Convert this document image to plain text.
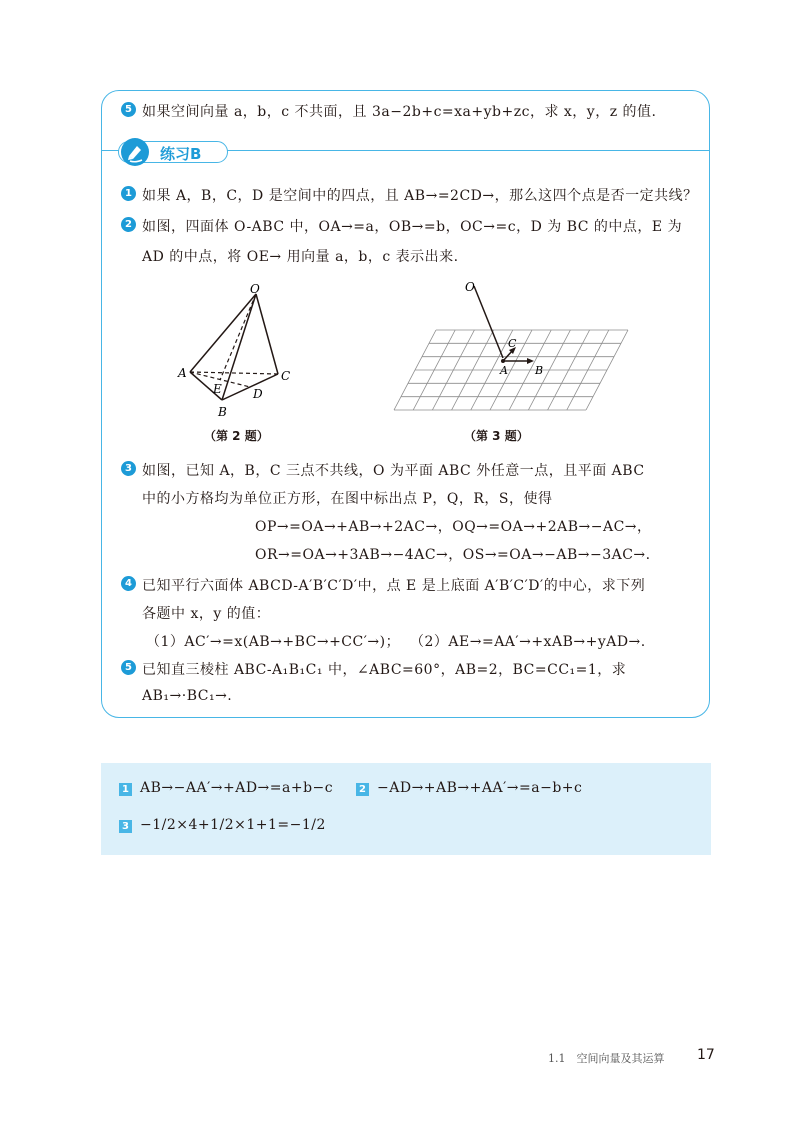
练习B
5 如果空间向量 a，b，c 不共面，且 3a−2b+c=xa+yb+zc，求 x，y，z 的值.
1 如果 A，B，C，D 是空间中的四点，且 AB→=2CD→，那么这四个点是否一定共线？
2 如图，四面体 O-ABC 中，OA→=a，OB→=b，OC→=c，D 为 BC 的中点，E 为
AD 的中点，将 OE→ 用向量 a，b，c 表示出来.
O
A
B
C
D
E
（第 2 题）
O
A B
C
（第 3 题）
3 如图，已知 A，B，C 三点不共线，O 为平面 ABC 外任意一点，且平面 ABC
中的小方格均为单位正方形，在图中标出点 P，Q，R，S，使得
OP→=OA→+AB→+2AC→，OQ→=OA→+2AB→−AC→，
OR→=OA→+3AB→−4AC→，OS→=OA→−AB→−3AC→.
4 已知平行六面体 ABCD-A′B′C′D′中，点 E 是上底面 A′B′C′D′的中心，求下列
各题中 x，y 的值：
（1）AC′→=x(AB→+BC→+CC′→)； （2）AE→=AA′→+xAB→+yAD→.
5 已知直三棱柱 ABC-A₁B₁C₁ 中，∠ABC=60°，AB=2，BC=CC₁=1，求
AB₁→·BC₁→.
1 AB→−AA′→+AD→=a+b−c	2 −AD→+AB→+AA′→=a−b+c
3 −1/2×4+1/2×1+1=−1/2
1.1　空间向量及其运算 17
